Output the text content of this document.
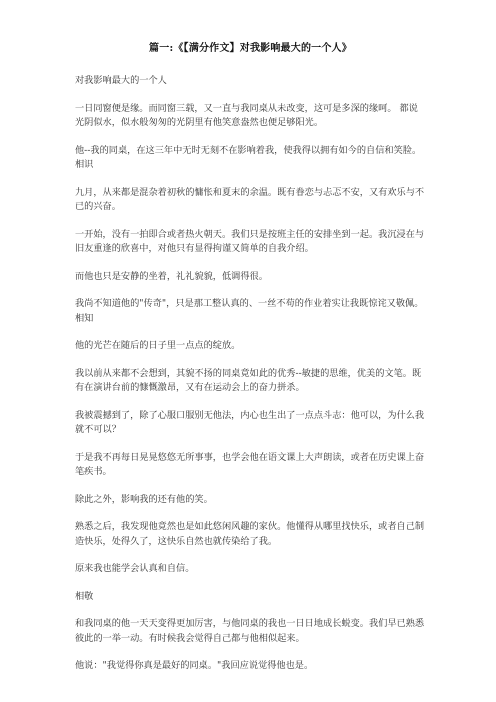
篇一:《【满分作文】对我影响最大的一个人》

对我影响最大的一个人

一日同窗便是缘。而同窗三载，又一直与我同桌从未改变，这可是多深的缘呵。 都说光阴似水，似水般匆匆的光阴里有他笑意盎然也便足够阳光。

他--我的同桌，在这三年中无时无刻不在影响着我，使我得以拥有如今的自信和笑脸。 相识

九月，从来都是混杂着初秋的慵怅和夏末的余温。既有眷恋与忐忑不安，又有欢乐与不已的兴奋。

一开始，没有一拍即合或者热火朝天。我们只是按班主任的安排坐到一起。我沉浸在与旧友重逢的欣喜中，对他只有显得拘谨又简单的自我介绍。

而他也只是安静的坐着，礼礼貌貌，低调得很。

我尚不知道他的"传奇"，只是那工整认真的、一丝不苟的作业着实让我既惊诧又敬佩。 相知

他的光芒在随后的日子里一点点的绽放。

我以前从来都不会想到，其貌不扬的同桌竟如此的优秀--敏捷的思维，优美的文笔。既有在演讲台前的慷慨激昂，又有在运动会上的奋力拼杀。

我被震撼到了，除了心服口服别无他法，内心也生出了一点点斗志：他可以，为什么我就不可以？

于是我不再每日晃晃悠悠无所事事，也学会他在语文课上大声朗读，或者在历史课上奋笔疾书。

除此之外，影响我的还有他的笑。

熟悉之后，我发现他竟然也是如此悠闲风趣的家伙。他懂得从哪里找快乐，或者自己制造快乐，处得久了，这快乐自然也就传染给了我。

原来我也能学会认真和自信。

相敬

和我同桌的他一天天变得更加厉害，与他同桌的我也一日日地成长蜕变。我们早已熟悉彼此的一举一动。有时候我会觉得自己都与他相似起来。

他说："我觉得你真是最好的同桌。"我回应说觉得他也是。
